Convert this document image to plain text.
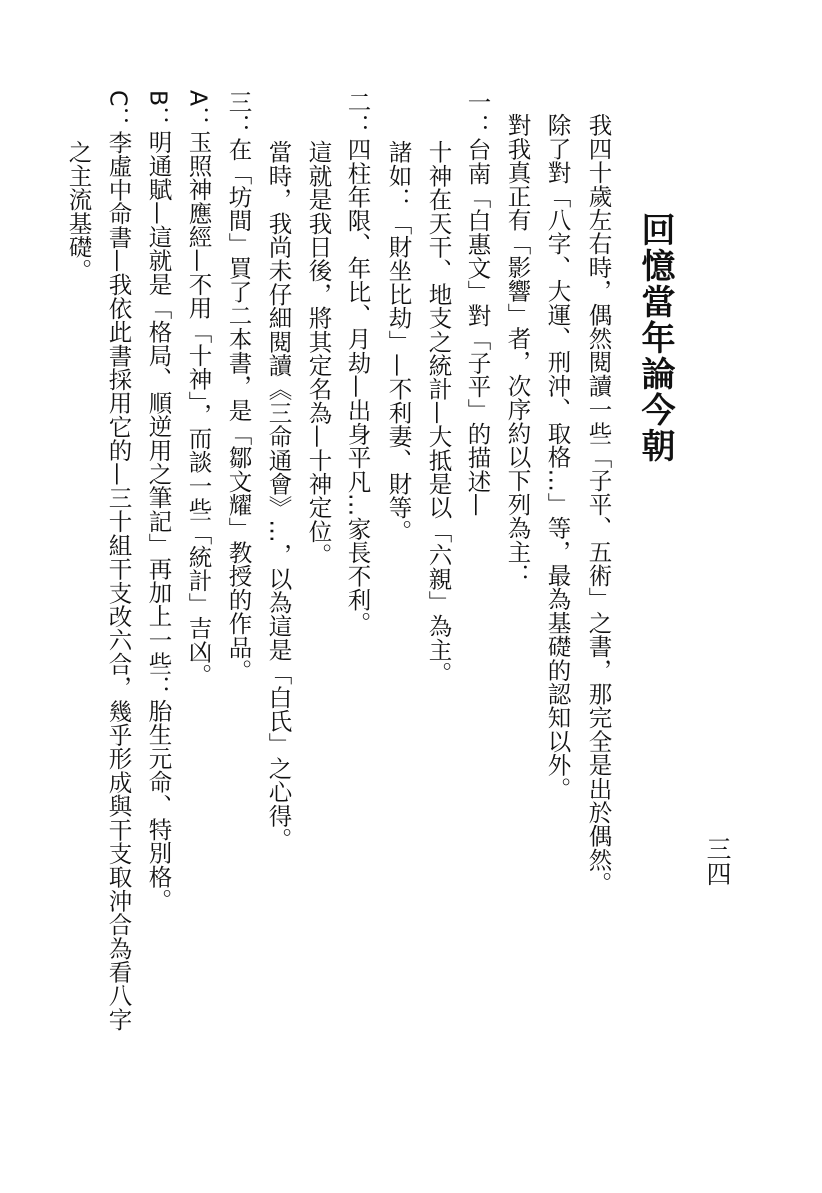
回憶當年論今朝
三四
我四十歲左右時，偶然閱讀一些「子平、五術」之書，那完全是出於偶然。
除了對「八字、大運、刑沖、取格…」等，最為基礎的認知以外。
對我真正有「影響」者，次序約以下列為主：
一：台南「白惠文」對「子平」的描述—
十神在天干、地支之統計—大抵是以「六親」為主。
諸如：「財坐比劫」—不利妻、財等。
二：四柱年限、年比、月劫—出身平凡…家長不利。
這就是我日後，將其定名為—十神定位。
當時，我尚未仔細閱讀《三命通會》…，以為這是「白氏」之心得。
三：在「坊間」買了二本書，是「鄒文耀」教授的作品。
A：玉照神應經—不用「十神」，而談一些「統計」吉凶。
B：明通賦—這就是「格局、順逆用之筆記」再加上一些：胎生元命、特別格。
C：李虛中命書—我依此書採用它的—三十組干支改六合，幾乎形成與干支取沖合為看八字
之主流基礎。
